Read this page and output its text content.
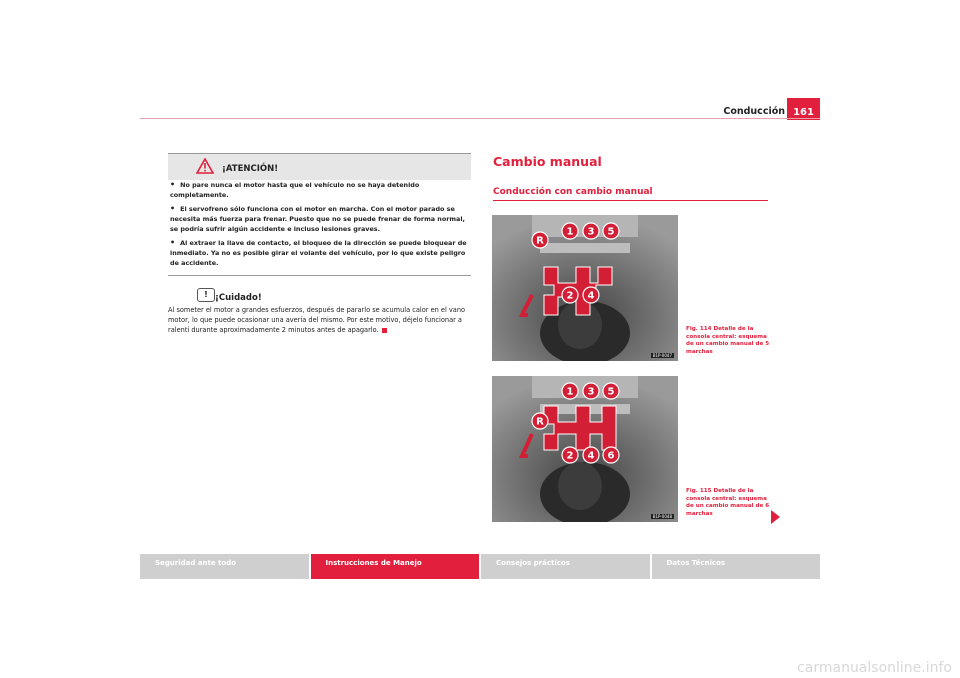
Conducción 161
¡ATENCIÓN!
• No pare nunca el motor hasta que el vehículo no se haya detenido completamente.
• El servofreno sólo funciona con el motor en marcha. Con el motor parado se necesita más fuerza para frenar. Puesto que no se puede frenar de forma normal, se podría sufrir algún accidente e incluso lesiones graves.
• Al extraer la llave de contacto, el bloqueo de la dirección se puede bloquear de inmediato. Ya no es posible girar el volante del vehículo, por lo que existe peligro de accidente.
! ¡Cuidado!
Al someter el motor a grandes esfuerzos, después de pararlo se acumula calor en el vano motor, lo que puede ocasionar una avería del mismo. Por este motivo, déjelo funcionar a ralentí durante aproximadamente 2 minutos antes de apagarlo.
Cambio manual
Conducción con cambio manual
R
1 3 5
2 4
B1P-0047
Fig. 114 Detalle de la consola central: esquema de un cambio manual de 5 marchas
R
1 3 5
2 4 6
B1P-0048
Fig. 115 Detalle de la consola central: esquema de un cambio manual de 6 marchas
Seguridad ante todo	Instrucciones de Manejo	Consejos prácticos	Datos Técnicos
carmanualsonline.info
